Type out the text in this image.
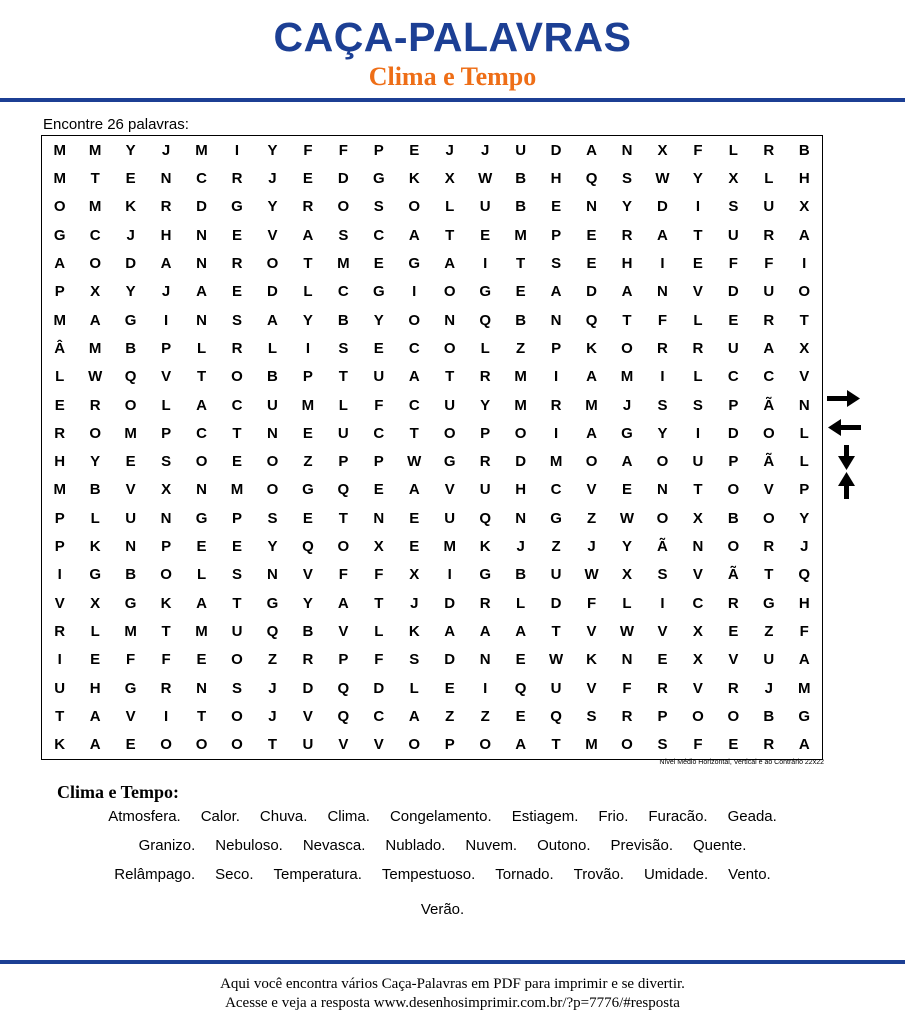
CAÇA-PALAVRAS
Clima e Tempo
Encontre 26 palavras:
M	M	Y	J	M	I	Y	F	F	P	E	J	J	U	D	A	N	X	F	L	R	B
M	T	E	N	C	R	J	E	D	G	K	X	W	B	H	Q	S	W	Y	X	L	H
O	M	K	R	D	G	Y	R	O	S	O	L	U	B	E	N	Y	D	I	S	U	X
G	C	J	H	N	E	V	A	S	C	A	T	E	M	P	E	R	A	T	U	R	A
A	O	D	A	N	R	O	T	M	E	G	A	I	T	S	E	H	I	E	F	F	I
P	X	Y	J	A	E	D	L	C	G	I	O	G	E	A	D	A	N	V	D	U	O
M	A	G	I	N	S	A	Y	B	Y	O	N	Q	B	N	Q	T	F	L	E	R	T
Â	M	B	P	L	R	L	I	S	E	C	O	L	Z	P	K	O	R	R	U	A	X
L	W	Q	V	T	O	B	P	T	U	A	T	R	M	I	A	M	I	L	C	C	V
E	R	O	L	A	C	U	M	L	F	C	U	Y	M	R	M	J	S	S	P	Ã	N
R	O	M	P	C	T	N	E	U	C	T	O	P	O	I	A	G	Y	I	D	O	L
H	Y	E	S	O	E	O	Z	P	P	W	G	R	D	M	O	A	O	U	P	Ã	L
M	B	V	X	N	M	O	G	Q	E	A	V	U	H	C	V	E	N	T	O	V	P
P	L	U	N	G	P	S	E	T	N	E	U	Q	N	G	Z	W	O	X	B	O	Y
P	K	N	P	E	E	Y	Q	O	X	E	M	K	J	Z	J	Y	Ã	N	O	R	J
I	G	B	O	L	S	N	V	F	F	X	I	G	B	U	W	X	S	V	Ã	T	Q
V	X	G	K	A	T	G	Y	A	T	J	D	R	L	D	F	L	I	C	R	G	H
R	L	M	T	M	U	Q	B	V	L	K	A	A	A	T	V	W	V	X	E	Z	F
I	E	F	F	E	O	Z	R	P	F	S	D	N	E	W	K	N	E	X	V	U	A
U	H	G	R	N	S	J	D	Q	D	L	E	I	Q	U	V	F	R	V	R	J	M
T	A	V	I	T	O	J	V	Q	C	A	Z	Z	E	Q	S	R	P	O	O	B	G
K	A	E	O	O	O	T	U	V	V	O	P	O	A	T	M	O	S	F	E	R	A
Nível Médio Horizontal, Vertical e ao Contrário 22x22
Clima e Tempo:
Atmosfera.	Calor.	Chuva.	Clima.	Congelamento.	Estiagem.	Frio.	Furacão.	Geada.
Granizo.	Nebuloso.	Nevasca.	Nublado.	Nuvem.	Outono.	Previsão.	Quente.
Relâmpago.	Seco.	Temperatura.	Tempestuoso.	Tornado.	Trovão.	Umidade.	Vento.
Verão.
Aqui você encontra vários Caça-Palavras em PDF para imprimir e se divertir.
Acesse e veja a resposta www.desenhosimprimir.com.br/?p=7776/#resposta
